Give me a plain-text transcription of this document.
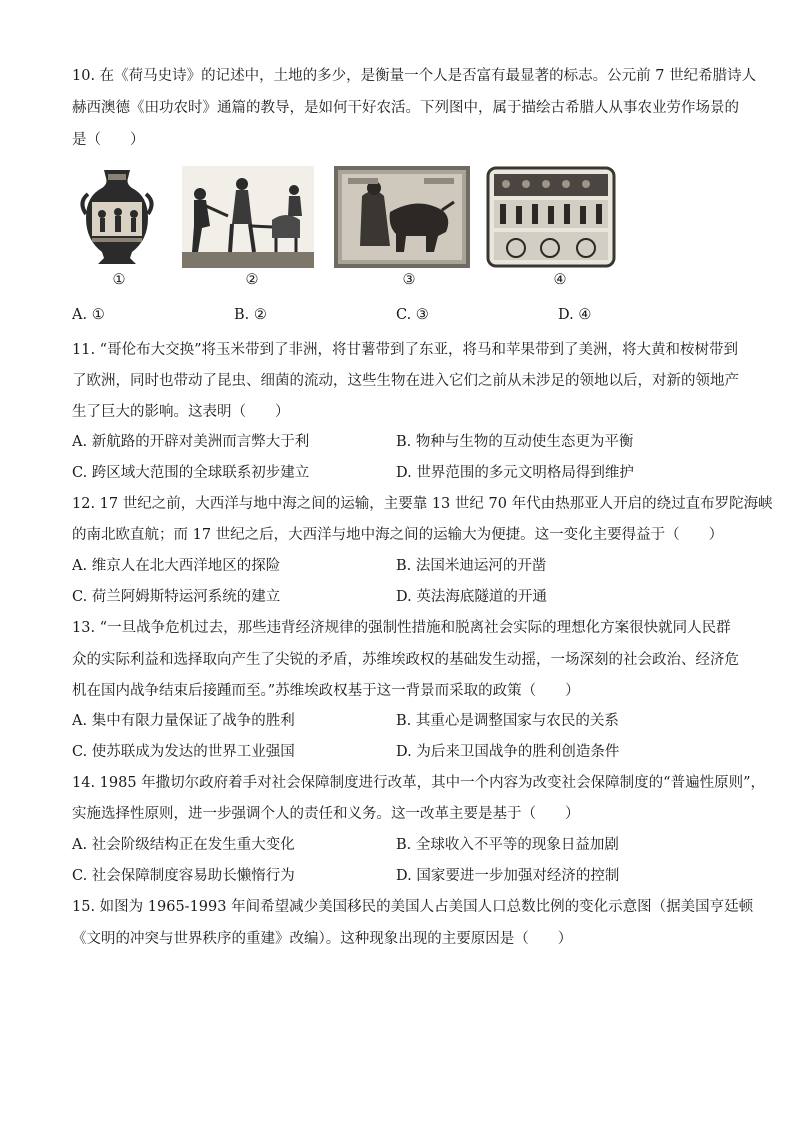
10. 在《荷马史诗》的记述中，土地的多少，是衡量一个人是否富有最显著的标志。公元前 7 世纪希腊诗人
赫西澳德《田功农时》通篇的教导，是如何干好农活。下列图中，属于描绘古希腊人从事农业劳作场景的
是（　　）
①	②	③	④
A. ①	B. ②	C. ③	D. ④
11. “哥伦布大交换”将玉米带到了非洲，将甘薯带到了东亚，将马和苹果带到了美洲，将大黄和桉树带到
了欧洲，同时也带动了昆虫、细菌的流动，这些生物在进入它们之前从未涉足的领地以后，对新的领地产
生了巨大的影响。这表明（　　）
A. 新航路的开辟对美洲而言弊大于利	B. 物种与生物的互动使生态更为平衡
C. 跨区域大范围的全球联系初步建立	D. 世界范围的多元文明格局得到维护
12. 17 世纪之前，大西洋与地中海之间的运输，主要靠 13 世纪 70 年代由热那亚人开启的绕过直布罗陀海峡
的南北欧直航；而 17 世纪之后，大西洋与地中海之间的运输大为便捷。这一变化主要得益于（　　）
A. 维京人在北大西洋地区的探险	B. 法国米迪运河的开凿
C. 荷兰阿姆斯特运河系统的建立	D. 英法海底隧道的开通
13. “一旦战争危机过去，那些违背经济规律的强制性措施和脱离社会实际的理想化方案很快就同人民群
众的实际利益和选择取向产生了尖锐的矛盾，苏维埃政权的基础发生动摇，一场深刻的社会政治、经济危
机在国内战争结束后接踵而至。”苏维埃政权基于这一背景而采取的政策（　　）
A. 集中有限力量保证了战争的胜利	B. 其重心是调整国家与农民的关系
C. 使苏联成为发达的世界工业强国	D. 为后来卫国战争的胜利创造条件
14. 1985 年撒切尔政府着手对社会保障制度进行改革，其中一个内容为改变社会保障制度的“普遍性原则”，
实施选择性原则，进一步强调个人的责任和义务。这一改革主要是基于（　　）
A. 社会阶级结构正在发生重大变化	B. 全球收入不平等的现象日益加剧
C. 社会保障制度容易助长懒惰行为	D. 国家要进一步加强对经济的控制
15. 如图为 1965-1993 年间希望减少美国移民的美国人占美国人口总数比例的变化示意图（据美国亨廷顿
《文明的冲突与世界秩序的重建》改编）。这种现象出现的主要原因是（　　）
